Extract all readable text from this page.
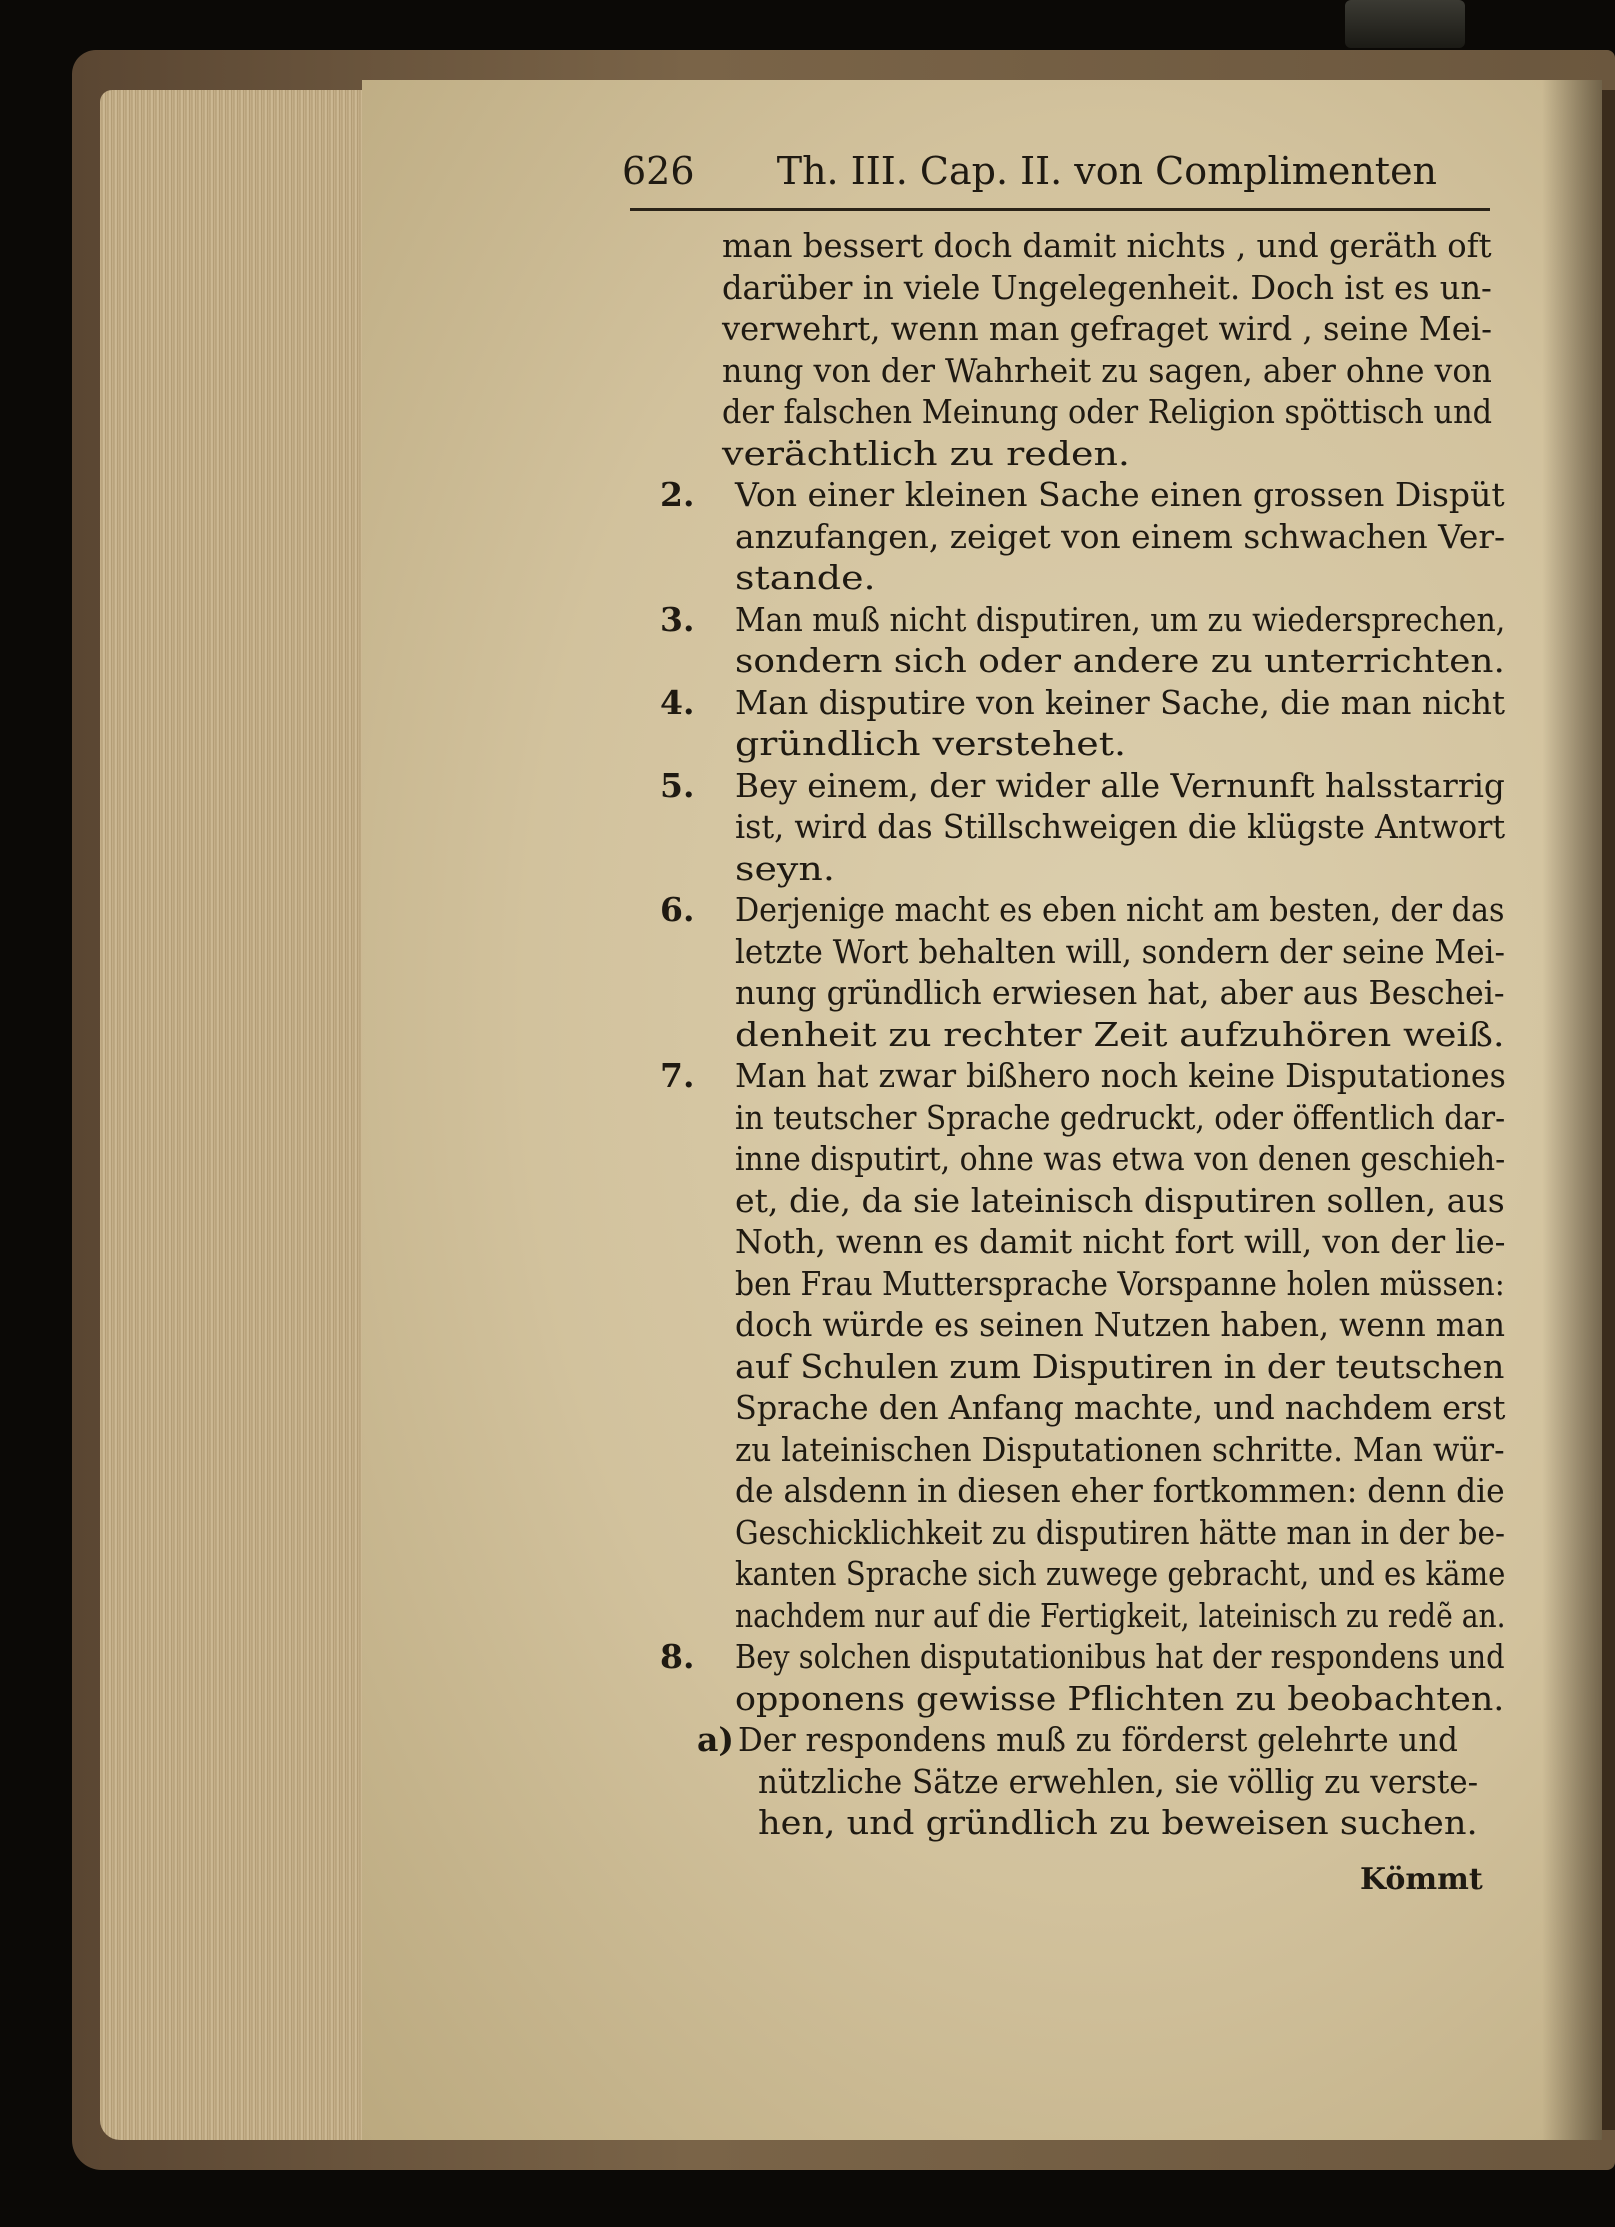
626 Th. III. Cap. II. von Complimenten
man bessert doch damit nichts , und geräth oft
darüber in viele Ungelegenheit. Doch ist es un-
verwehrt, wenn man gefraget wird , seine Mei-
nung von der Wahrheit zu sagen, aber ohne von
der falschen Meinung oder Religion spöttisch und
verächtlich zu reden.
2. Von einer kleinen Sache einen grossen Dispüt
anzufangen, zeiget von einem schwachen Ver-
stande.
3. Man muß nicht disputiren, um zu wiedersprechen,
sondern sich oder andere zu unterrichten.
4. Man disputire von keiner Sache, die man nicht
gründlich verstehet.
5. Bey einem, der wider alle Vernunft halsstarrig
ist, wird das Stillschweigen die klügste Antwort
seyn.
6. Derjenige macht es eben nicht am besten, der das
letzte Wort behalten will, sondern der seine Mei-
nung gründlich erwiesen hat, aber aus Beschei-
denheit zu rechter Zeit aufzuhören weiß.
7. Man hat zwar bißhero noch keine Disputationes
in teutscher Sprache gedruckt, oder öffentlich dar-
inne disputirt, ohne was etwa von denen geschieh-
et, die, da sie lateinisch disputiren sollen, aus
Noth, wenn es damit nicht fort will, von der lie-
ben Frau Muttersprache Vorspanne holen müssen:
doch würde es seinen Nutzen haben, wenn man
auf Schulen zum Disputiren in der teutschen
Sprache den Anfang machte, und nachdem erst
zu lateinischen Disputationen schritte. Man wür-
de alsdenn in diesen eher fortkommen: denn die
Geschicklichkeit zu disputiren hätte man in der be-
kanten Sprache sich zuwege gebracht, und es käme
nachdem nur auf die Fertigkeit, lateinisch zu redẽ an.
8. Bey solchen disputationibus hat der respondens und
opponens gewisse Pflichten zu beobachten.
a) Der respondens muß zu förderst gelehrte und
nützliche Sätze erwehlen, sie völlig zu verste-
hen, und gründlich zu beweisen suchen.
Kömmt
